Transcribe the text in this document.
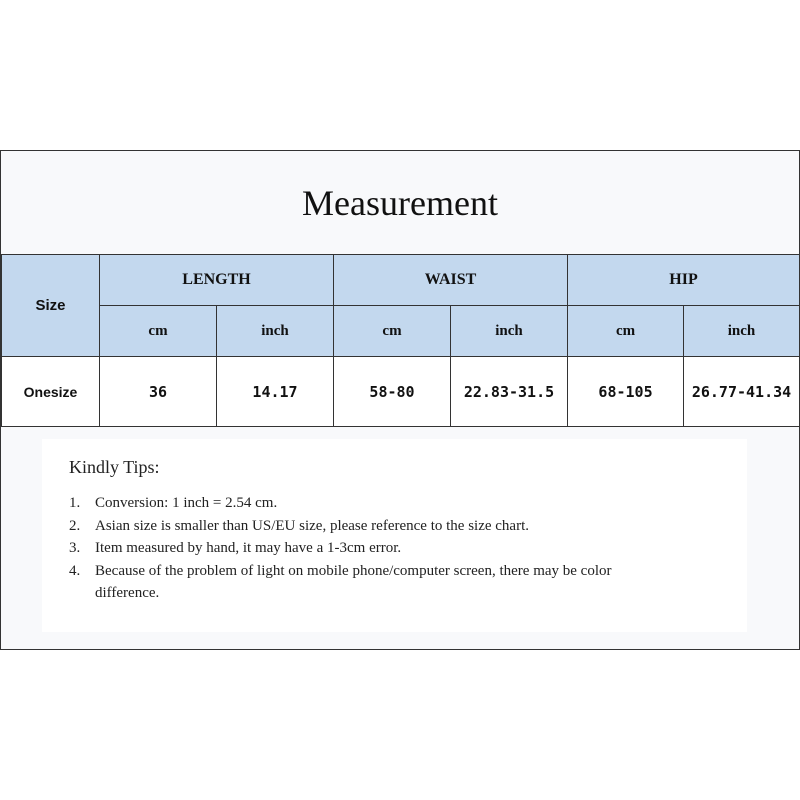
Measurement
Size	LENGTH		WAIST		HIP	
	cm	inch	cm	inch	cm	inch
Onesize	36	14.17	58-80	22.83-31.5	68-105	26.77-41.34
Kindly Tips:
1. Conversion: 1 inch = 2.54 cm.
2. Asian size is smaller than US/EU size, please reference to the size chart.
3. Item measured by hand, it may have a 1-3cm error.
4. Because of the problem of light on mobile phone/computer screen, there may be color difference.
